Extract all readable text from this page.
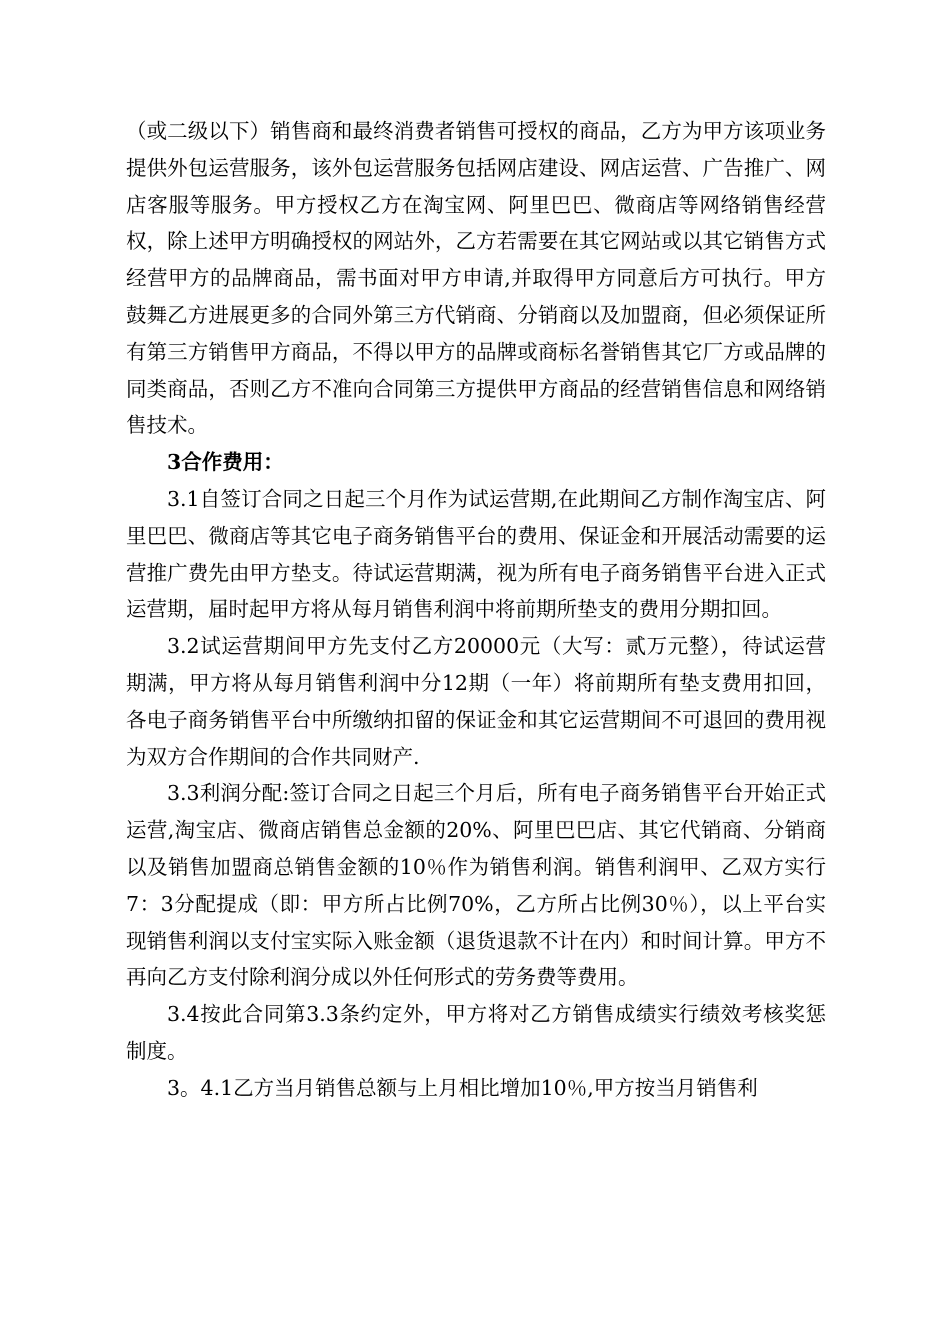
（或二级以下）销售商和最终消费者销售可授权的商品，乙方为甲方该项业务提供外包运营服务，该外包运营服务包括网店建设、网店运营、广告推广、网店客服等服务。甲方授权乙方在淘宝网、阿里巴巴、微商店等网络销售经营权，除上述甲方明确授权的网站外，乙方若需要在其它网站或以其它销售方式经营甲方的品牌商品，需书面对甲方申请,并取得甲方同意后方可执行。甲方鼓舞乙方进展更多的合同外第三方代销商、分销商以及加盟商，但必须保证所有第三方销售甲方商品，不得以甲方的品牌或商标名誉销售其它厂方或品牌的同类商品，否则乙方不准向合同第三方提供甲方商品的经营销售信息和网络销售技术。

3合作费用：

3.1自签订合同之日起三个月作为试运营期,在此期间乙方制作淘宝店、阿里巴巴、微商店等其它电子商务销售平台的费用、保证金和开展活动需要的运营推广费先由甲方垫支。待试运营期满，视为所有电子商务销售平台进入正式运营期，届时起甲方将从每月销售利润中将前期所垫支的费用分期扣回。

3.2试运营期间甲方先支付乙方20000元（大写：贰万元整），待试运营期满，甲方将从每月销售利润中分12期（一年）将前期所有垫支费用扣回，各电子商务销售平台中所缴纳扣留的保证金和其它运营期间不可退回的费用视为双方合作期间的合作共同财产.

3.3利润分配:签订合同之日起三个月后，所有电子商务销售平台开始正式运营,淘宝店、微商店销售总金额的20%、阿里巴巴店、其它代销商、分销商以及销售加盟商总销售金额的10％作为销售利润。销售利润甲、乙双方实行7：3分配提成（即：甲方所占比例70%，乙方所占比例30％），以上平台实现销售利润以支付宝实际入账金额（退货退款不计在内）和时间计算。甲方不再向乙方支付除利润分成以外任何形式的劳务费等费用。

3.4按此合同第3.3条约定外，甲方将对乙方销售成绩实行绩效考核奖惩制度。

3。4.1乙方当月销售总额与上月相比增加10％,甲方按当月销售利
